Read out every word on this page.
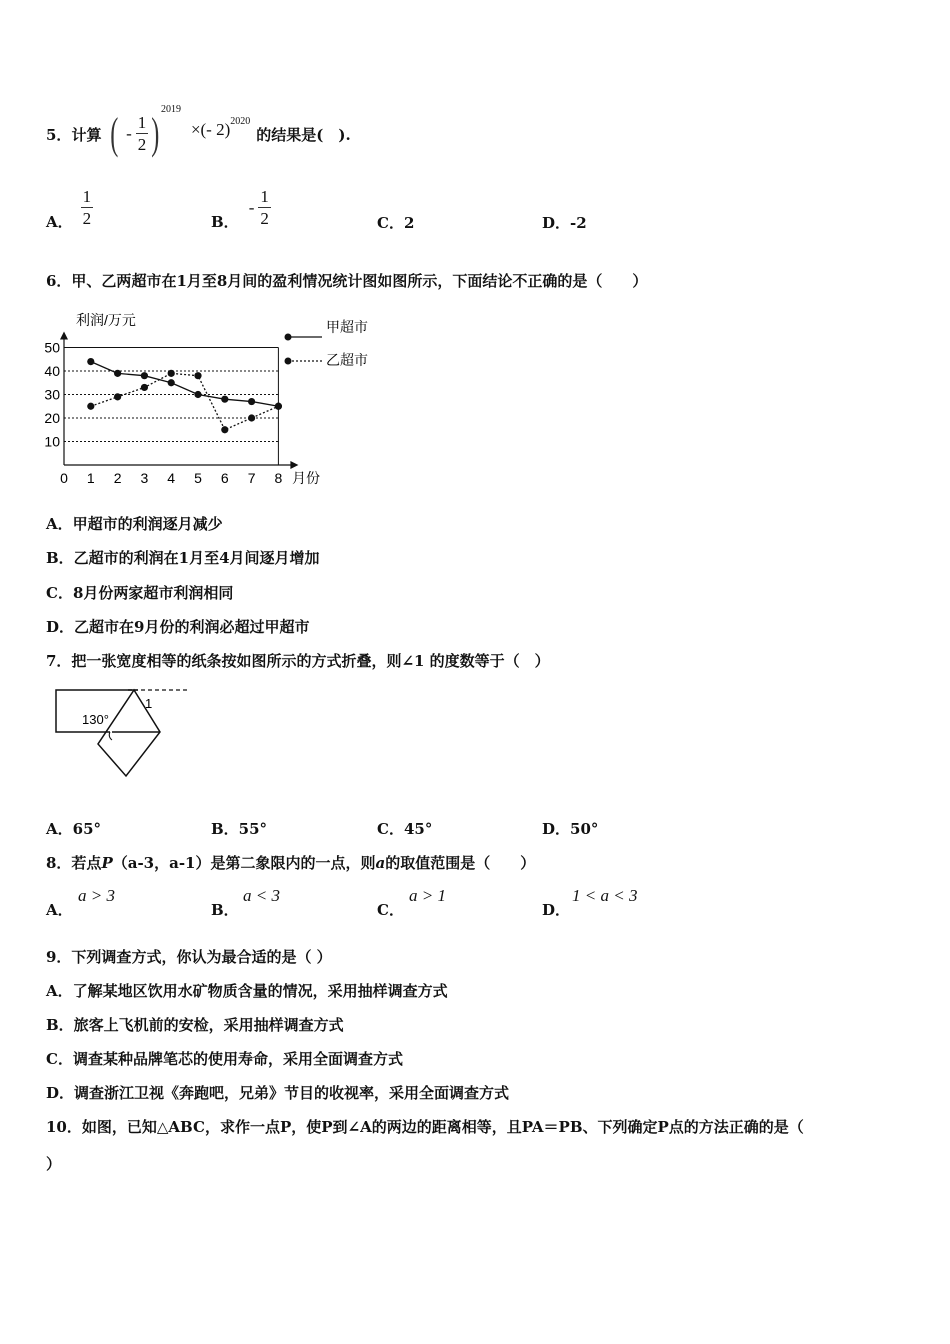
5． 计算 ( - $\frac{1}{2}$ ) 2019
×(- 2) 2020
的结果是(　).
A． $\frac{1}{2}$	B．
- $\frac{1}{2}$	C．2	D．-2
6．甲、乙两超市在1月至8月间的盈利情况统计图如图所示，下面结论不正确的是（　　）
利润/万元
月份
10
20
30
40
50
0 1 2 3 4 5 6 7 8
甲超市
乙超市
A．甲超市的利润逐月减少
B．乙超市的利润在1月至4月间逐月增加
C．8月份两家超市利润相同
D．乙超市在9月份的利润必超过甲超市
7．把一张宽度相等的纸条按如图所示的方式折叠，则∠1 的度数等于（　）
130°
1
A．65°	B．55°	C．45°	D．50°
8．若点P（a-3，a-1）是第二象限内的一点，则a的取值范围是（　　）
A．
a > 3
B．
a < 3
C．
a > 1
D．
1 < a < 3
9．下列调查方式，你认为最合适的是（ ）
A．了解某地区饮用水矿物质含量的情况，采用抽样调查方式
B．旅客上飞机前的安检，采用抽样调查方式
C．调查某种品牌笔芯的使用寿命，采用全面调查方式
D．调查浙江卫视《奔跑吧，兄弟》节目的收视率，采用全面调查方式
10．如图，已知△ABC，求作一点P，使P到∠A的两边的距离相等，且PA＝PB、下列确定P点的方法正确的是（
）
